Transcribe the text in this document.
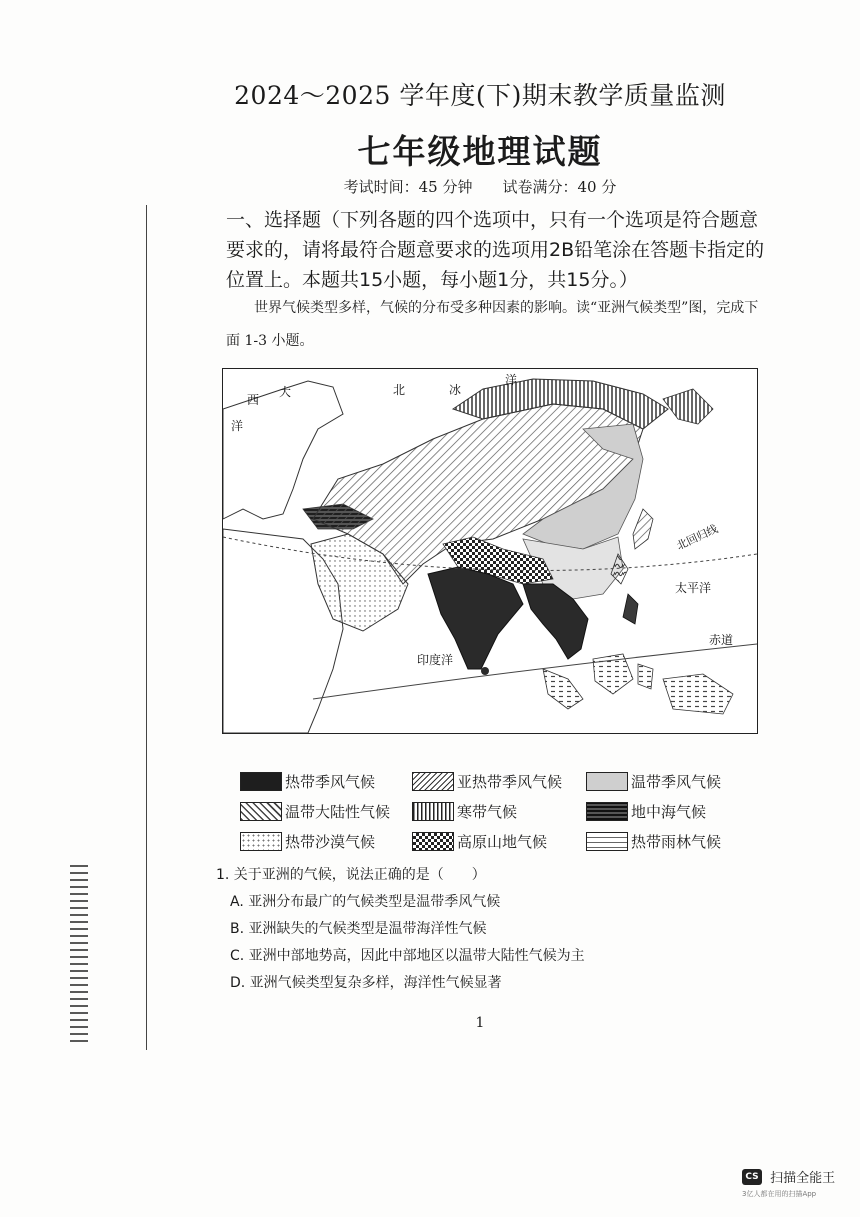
2024～2025 学年度(下)期末教学质量监测
七年级地理试题
考试时间：45 分钟　　试卷满分：40 分
一、选择题（下列各题的四个选项中，只有一个选项是符合题意要求的，请将最符合题意要求的选项用2B铅笔涂在答题卡指定的位置上。本题共15小题，每小题1分，共15分。）
世界气候类型多样，气候的分布受多种因素的影响。读“亚洲气候类型”图，完成下面 1-3 小题。
西
大
洋
北	冰
洋
北回归线
太平洋
赤道
印度洋
热带季风气候	亚热带季风气候	温带季风气候
温带大陆性气候	寒带气候	地中海气候
热带沙漠气候	高原山地气候	热带雨林气候
1. 关于亚洲的气候，说法正确的是（　　）
A. 亚洲分布最广的气候类型是温带季风气候
B. 亚洲缺失的气候类型是温带海洋性气候
C. 亚洲中部地势高，因此中部地区以温带大陆性气候为主
D. 亚洲气候类型复杂多样，海洋性气候显著
1
CS 扫描全能王
3亿人都在用的扫描App
